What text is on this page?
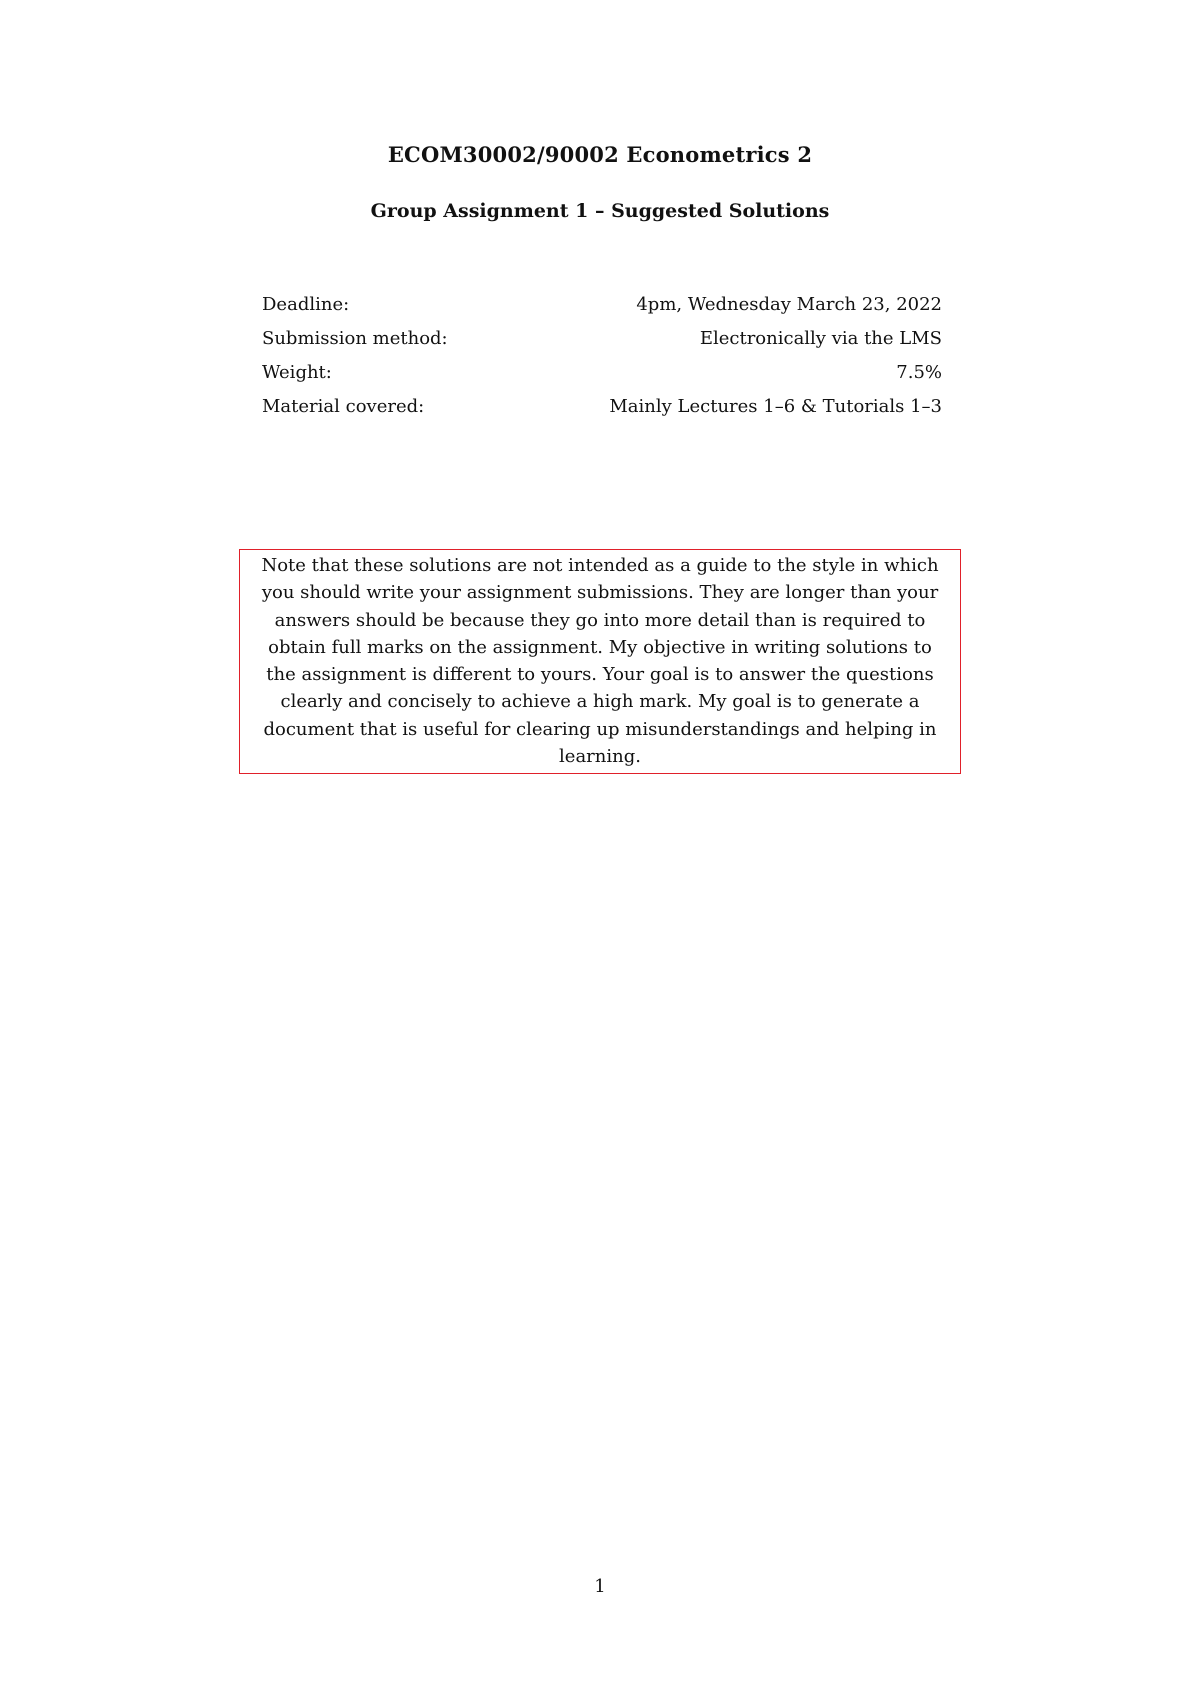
ECOM30002/90002 Econometrics 2
Group Assignment 1 – Suggested Solutions
Deadline:	4pm, Wednesday March 23, 2022
Submission method:	Electronically via the LMS
Weight:	7.5%
Material covered:	Mainly Lectures 1–6 & Tutorials 1–3

Note that these solutions are not intended as a guide to the style in which you should write your assignment submissions. They are longer than your answers should be because they go into more detail than is required to obtain full marks on the assignment. My objective in writing solutions to the assignment is different to yours. Your goal is to answer the questions clearly and concisely to achieve a high mark. My goal is to generate a document that is useful for clearing up misunderstandings and helping in learning.

1
